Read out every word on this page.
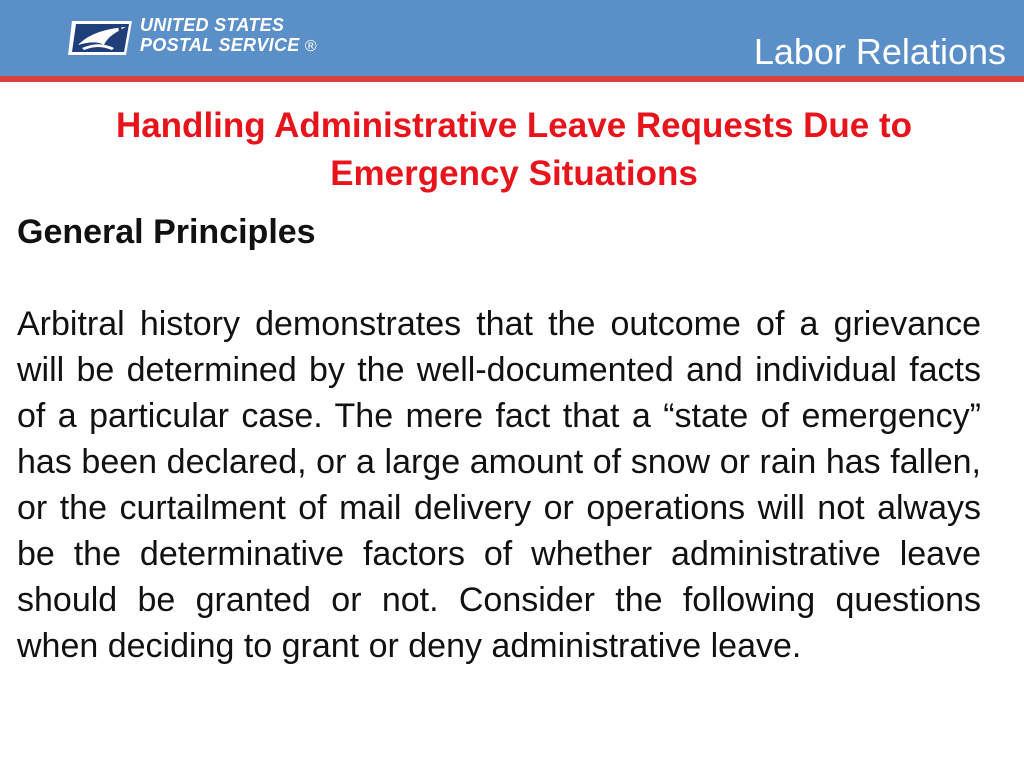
UNITED STATES
POSTAL SERVICE ®	Labor Relations
Handling Administrative Leave Requests Due to Emergency Situations
General Principles
Arbitral history demonstrates that the outcome of a grievance will be determined by the well-documented and individual facts of a particular case. The mere fact that a “state of emergency” has been declared, or a large amount of snow or rain has fallen, or the curtailment of mail delivery or operations will not always be the determinative factors of whether administrative leave should be granted or not. Consider the following questions when deciding to grant or deny administrative leave.
